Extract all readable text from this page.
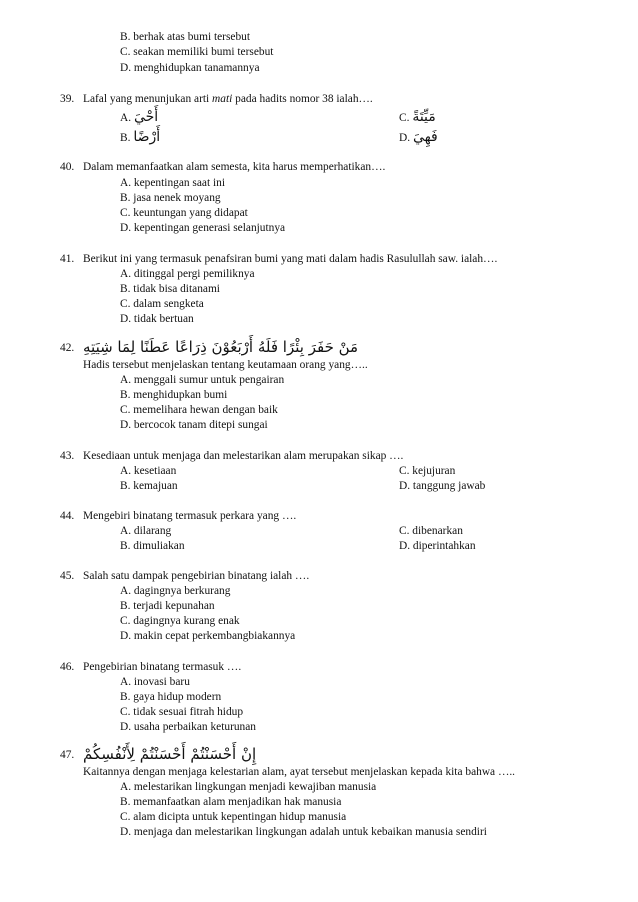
B. berhak atas bumi tersebut
C. seakan memiliki bumi tersebut
D. menghidupkan tanamannya
39. Lafal yang menunjukan arti mati pada hadits nomor 38 ialah….
A. أَحْيَ	C. مَيِّتَةً
B. أَرْضًا	D. فَهِيَ
40. Dalam memanfaatkan alam semesta, kita harus memperhatikan….
A. kepentingan saat ini
B. jasa nenek moyang
C. keuntungan yang didapat
D. kepentingan generasi selanjutnya
41. Berikut ini yang termasuk penafsiran bumi yang mati dalam hadis Rasulullah saw. ialah….
A. ditinggal pergi pemiliknya
B. tidak bisa ditanami
C. dalam sengketa
D. tidak bertuan
42. مَنْ حَفَرَ بِئْرًا فَلَهُ أَرْبَعُوْنَ ذِرَاعًا عَطَنًا لِمَا شِيَتِهِ
Hadis tersebut menjelaskan tentang keutamaan orang yang…..
A. menggali sumur untuk pengairan
B. menghidupkan bumi
C. memelihara hewan dengan baik
D. bercocok tanam ditepi sungai
43. Kesediaan untuk menjaga dan melestarikan alam merupakan sikap ….
A. kesetiaan	C. kejujuran
B. kemajuan	D. tanggung jawab
44. Mengebiri binatang termasuk perkara yang ….
A. dilarang	C. dibenarkan
B. dimuliakan	D. diperintahkan
45. Salah satu dampak pengebirian binatang ialah ….
A. dagingnya berkurang
B. terjadi kepunahan
C. dagingnya kurang enak
D. makin cepat perkembangbiakannya
46. Pengebirian binatang termasuk ….
A. inovasi baru
B. gaya hidup modern
C. tidak sesuai fitrah hidup
D. usaha perbaikan keturunan
47. إِنْ أَحْسَنْتُمْ أَحْسَنْتُمْ لِأَنْفُسِكُمْ
Kaitannya dengan menjaga kelestarian alam, ayat tersebut menjelaskan kepada kita bahwa …..
A. melestarikan lingkungan menjadi kewajiban manusia
B. memanfaatkan alam menjadikan hak manusia
C. alam dicipta untuk kepentingan hidup manusia
D. menjaga dan melestarikan lingkungan adalah untuk kebaikan manusia sendiri
